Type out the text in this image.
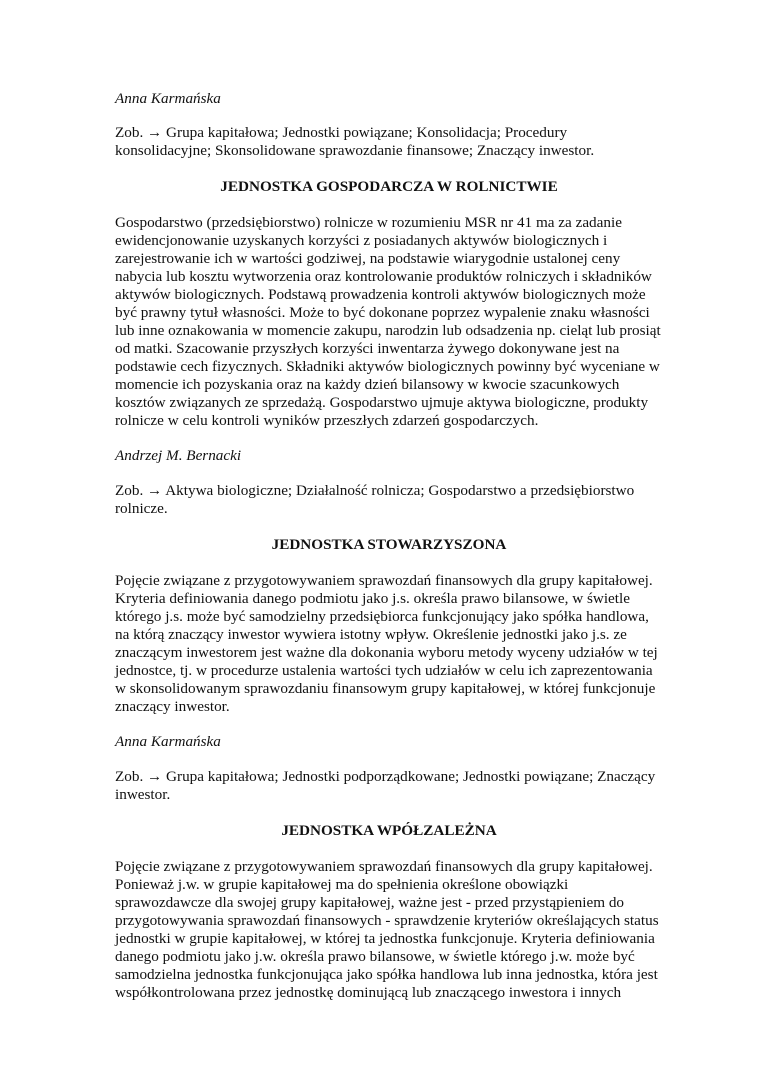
Anna Karmańska

Zob. → Grupa kapitałowa; Jednostki powiązane; Konsolidacja; Procedury
konsolidacyjne; Skonsolidowane sprawozdanie finansowe; Znaczący inwestor.

JEDNOSTKA GOSPODARCZA W ROLNICTWIE

Gospodarstwo (przedsiębiorstwo) rolnicze w rozumieniu MSR nr 41 ma za zadanie
ewidencjonowanie uzyskanych korzyści z posiadanych aktywów biologicznych i
zarejestrowanie ich w wartości godziwej, na podstawie wiarygodnie ustalonej ceny
nabycia lub kosztu wytworzenia oraz kontrolowanie produktów rolniczych i składników
aktywów biologicznych. Podstawą prowadzenia kontroli aktywów biologicznych może
być prawny tytuł własności. Może to być dokonane poprzez wypalenie znaku własności
lub inne oznakowania w momencie zakupu, narodzin lub odsadzenia np. cieląt lub prosiąt
od matki. Szacowanie przyszłych korzyści inwentarza żywego dokonywane jest na
podstawie cech fizycznych. Składniki aktywów biologicznych powinny być wyceniane w
momencie ich pozyskania oraz na każdy dzień bilansowy w kwocie szacunkowych
kosztów związanych ze sprzedażą. Gospodarstwo ujmuje aktywa biologiczne, produkty
rolnicze w celu kontroli wyników przeszłych zdarzeń gospodarczych.

Andrzej M. Bernacki

Zob. → Aktywa biologiczne; Działalność rolnicza; Gospodarstwo a przedsiębiorstwo
rolnicze.

JEDNOSTKA STOWARZYSZONA

Pojęcie związane z przygotowywaniem sprawozdań finansowych dla grupy kapitałowej.
Kryteria definiowania danego podmiotu jako j.s. określa prawo bilansowe, w świetle
którego j.s. może być samodzielny przedsiębiorca funkcjonujący jako spółka handlowa,
na którą znaczący inwestor wywiera istotny wpływ. Określenie jednostki jako j.s. ze
znaczącym inwestorem jest ważne dla dokonania wyboru metody wyceny udziałów w tej
jednostce, tj. w procedurze ustalenia wartości tych udziałów w celu ich zaprezentowania
w skonsolidowanym sprawozdaniu finansowym grupy kapitałowej, w której funkcjonuje
znaczący inwestor.

Anna Karmańska

Zob. → Grupa kapitałowa; Jednostki podporządkowane; Jednostki powiązane; Znaczący
inwestor.

JEDNOSTKA WPÓŁZALEŻNA

Pojęcie związane z przygotowywaniem sprawozdań finansowych dla grupy kapitałowej.
Ponieważ j.w. w grupie kapitałowej ma do spełnienia określone obowiązki
sprawozdawcze dla swojej grupy kapitałowej, ważne jest - przed przystąpieniem do
przygotowywania sprawozdań finansowych - sprawdzenie kryteriów określających status
jednostki w grupie kapitałowej, w której ta jednostka funkcjonuje. Kryteria definiowania
danego podmiotu jako j.w. określa prawo bilansowe, w świetle którego j.w. może być
samodzielna jednostka funkcjonująca jako spółka handlowa lub inna jednostka, która jest
współkontrolowana przez jednostkę dominującą lub znaczącego inwestora i innych
